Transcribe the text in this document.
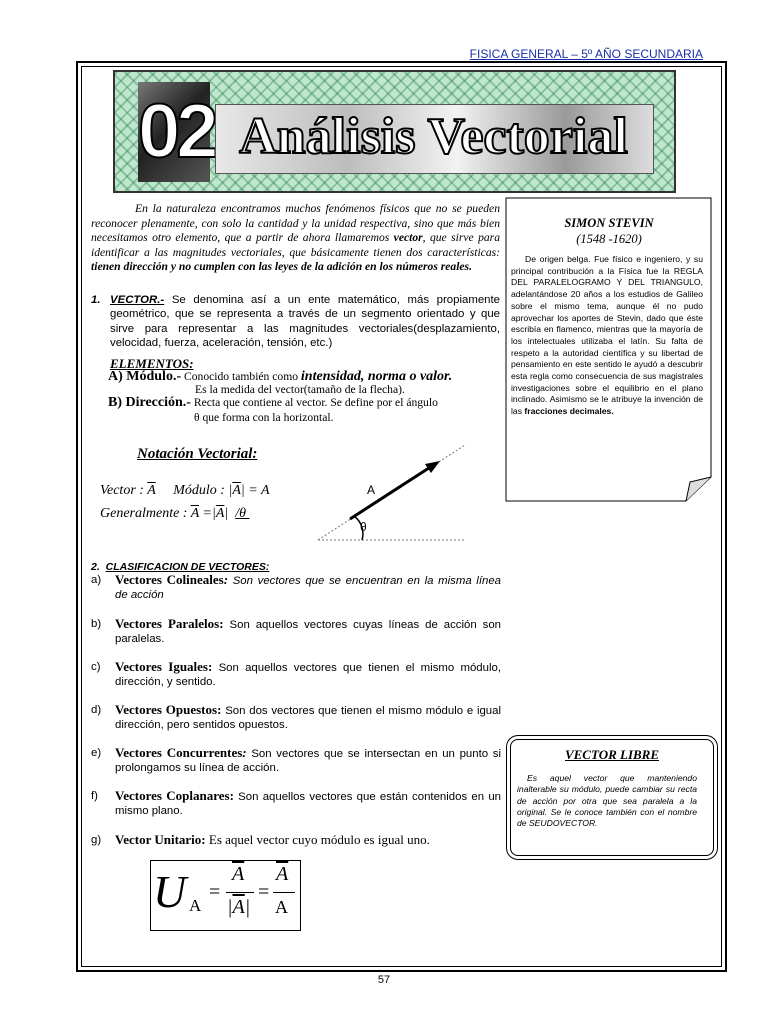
FISICA GENERAL – 5º AÑO SECUNDARIA
02 Análisis Vectorial
En la naturaleza encontramos muchos fenómenos físicos que no se pueden reconocer plenamente, con solo la cantidad y la unidad respectiva, sino que más bien necesitamos otro elemento, que a partir de ahora llamaremos vector, que sirve para identificar a las magnitudes vectoriales, que básicamente tienen dos características: tienen dirección y no cumplen con las leyes de la adición en los números reales.
1. VECTOR.- Se denomina así a un ente matemático, más propiamente geométrico, que se representa a través de un segmento orientado y que sirve para representar a las magnitudes vectoriales(desplazamiento, velocidad, fuerza, aceleración, tensión, etc.)
ELEMENTOS:
A) Módulo.- Conocido también como intensidad, norma o valor.
Es la medida del vector(tamaño de la flecha).
B) Dirección.- Recta que contiene al vector. Se define por el ángulo
θ que forma con la horizontal.
Notación Vectorial:
Vector : $\overline{A}$ Módulo : $|\overline{A}| = A$
Generalmente : $\overline{A} =|\overline{A}|$  /θ
A
θ
2. CLASIFICACION DE VECTORES:
a) Vectores Colineales: Son vectores que se encuentran en la misma línea de acción
b) Vectores Paralelos: Son aquellos vectores cuyas líneas de acción son paralelas.
c) Vectores Iguales: Son aquellos vectores que tienen el mismo módulo, dirección, y sentido.
d) Vectores Opuestos: Son dos vectores que tienen el mismo módulo e igual dirección, pero sentidos opuestos.
e) Vectores Concurrentes: Son vectores que se intersectan en un punto si prolongamos su línea de acción.
f) Vectores Coplanares: Son aquellos vectores que están contenidos en un mismo plano.
g) Vector Unitario: Es aquel vector cuyo módulo es igual uno.
U A
=
$\overline{A}$
$|\overline{A}|$
=
$\overline{A}$
A
SIMON STEVIN
(1548 -1620)
De origen belga. Fue físico e ingeniero, y su principal contribución a la Física fue la REGLA DEL PARALELOGRAMO Y DEL TRIANGULO, adelantándose 20 años a los estudios de Galileo sobre el mismo tema, aunque él no pudo aprovechar los aportes de Stevin, dado que éste escribía en flamenco, mientras que la mayoría de los intelectuales utilizaba el latín. Su falta de respeto a la autoridad científica y su libertad de pensamiento en este sentido le ayudó a descubrir esta regla como consecuencia de sus magistrales investigaciones sobre el equilibrio en el plano inclinado. Asimismo se le atribuye la invención de las fracciones decimales.
VECTOR LIBRE
Es aquel vector que manteniendo inalterable su módulo, puede cambiar su recta de acción por otra que sea paralela a la original. Se le conoce también con el nombre de SEUDOVECTOR.
57
